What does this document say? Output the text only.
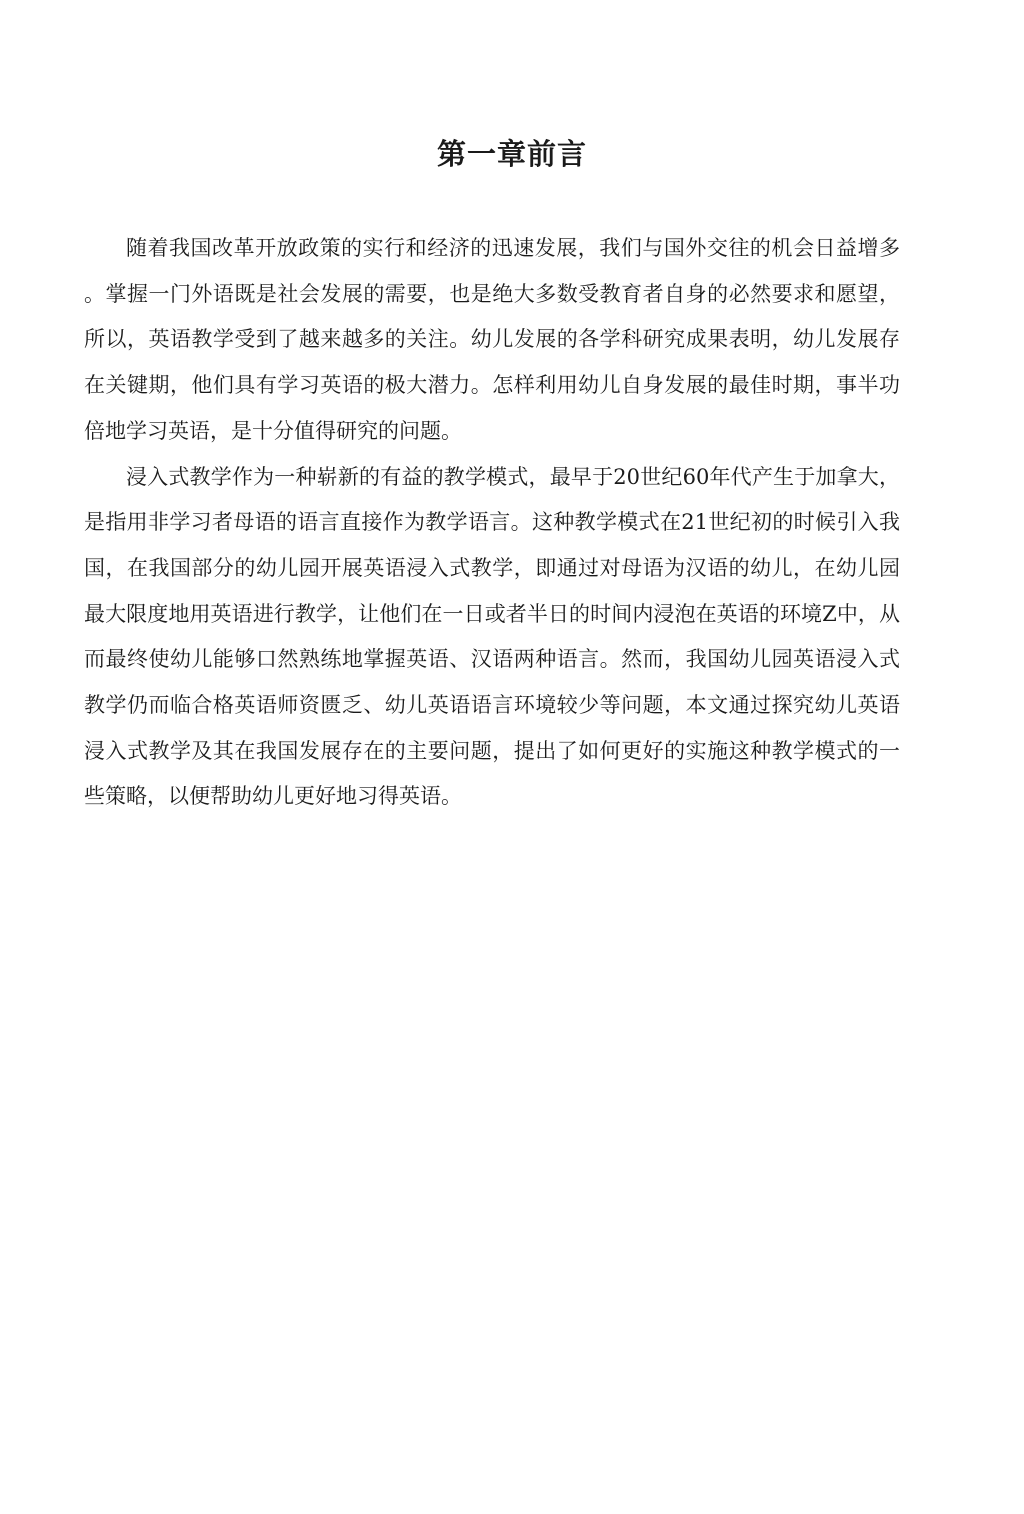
第一章前言

随着我国改革开放政策的实行和经济的迅速发展，我们与国外交往的机会日益增多。掌握一门外语既是社会发展的需要，也是绝大多数受教育者自身的必然要求和愿望，所以，英语教学受到了越来越多的关注。幼儿发展的各学科研究成果表明，幼儿发展存在关键期，他们具有学习英语的极大潜力。怎样利用幼儿自身发展的最佳时期，事半功倍地学习英语，是十分值得研究的问题。

浸入式教学作为一种崭新的有益的教学模式，最早于20世纪60年代产生于加拿大，是指用非学习者母语的语言直接作为教学语言。这种教学模式在21世纪初的时候引入我国，在我国部分的幼儿园开展英语浸入式教学，即通过对母语为汉语的幼儿，在幼儿园最大限度地用英语进行教学，让他们在一日或者半日的时间内浸泡在英语的环境Z中，从而最终使幼儿能够口然熟练地掌握英语、汉语两种语言。然而，我国幼儿园英语浸入式教学仍而临合格英语师资匮乏、幼儿英语语言环境较少等问题，本文通过探究幼儿英语浸入式教学及其在我国发展存在的主要问题，提出了如何更好的实施这种教学模式的一些策略，以便帮助幼儿更好地习得英语。
